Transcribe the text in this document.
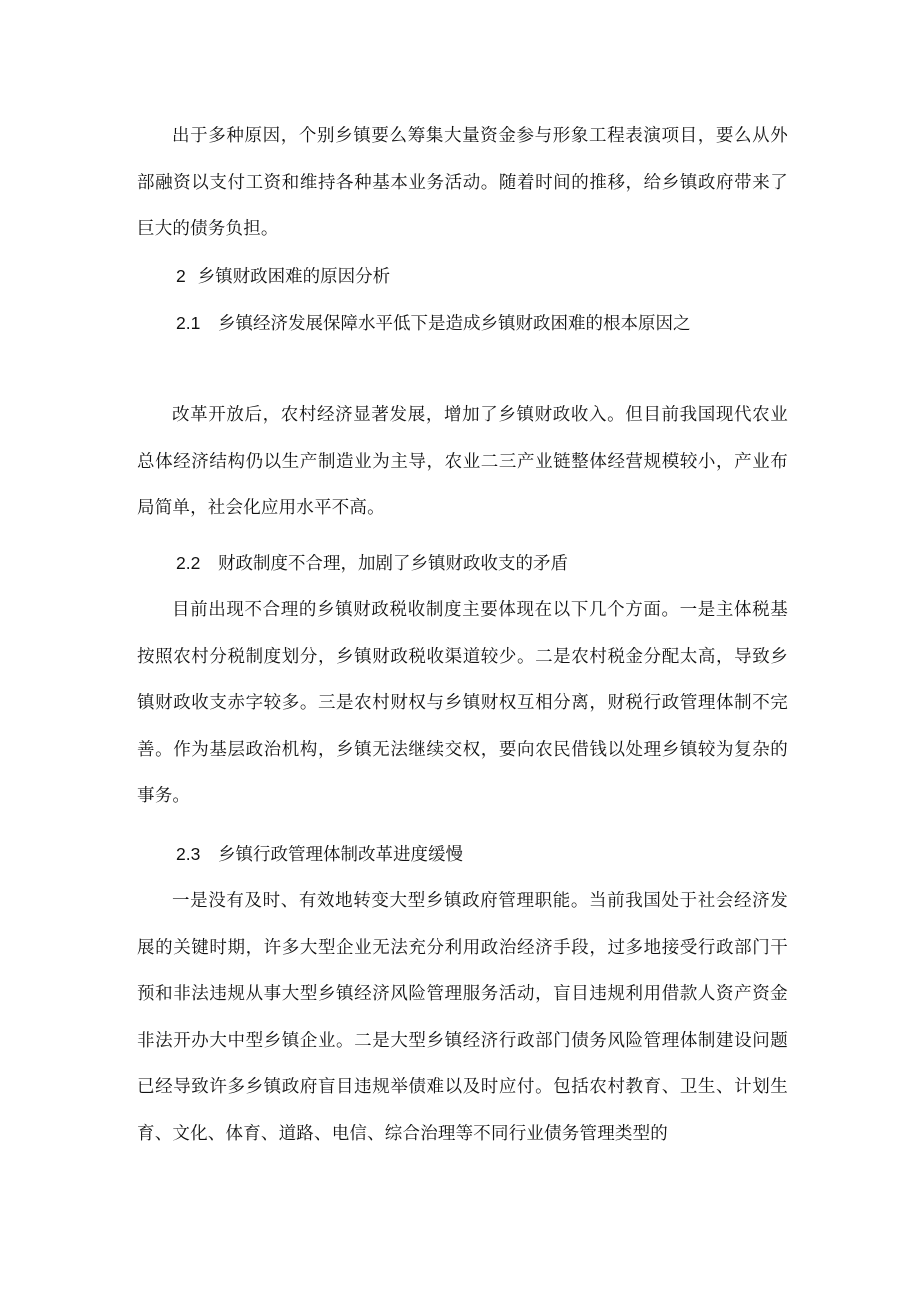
出于多种原因，个别乡镇要么筹集大量资金参与形象工程表演项目，要么从外部融资以支付工资和维持各种基本业务活动。随着时间的推移，给乡镇政府带来了巨大的债务负担。

2 乡镇财政困难的原因分析

2.1 乡镇经济发展保障水平低下是造成乡镇财政困难的根本原因之

改革开放后，农村经济显著发展，增加了乡镇财政收入。但目前我国现代农业总体经济结构仍以生产制造业为主导，农业二三产业链整体经营规模较小，产业布局简单，社会化应用水平不高。

2.2 财政制度不合理，加剧了乡镇财政收支的矛盾

目前出现不合理的乡镇财政税收制度主要体现在以下几个方面。一是主体税基按照农村分税制度划分，乡镇财政税收渠道较少。二是农村税金分配太高，导致乡镇财政收支赤字较多。三是农村财权与乡镇财权互相分离，财税行政管理体制不完善。作为基层政治机构，乡镇无法继续交权，要向农民借钱以处理乡镇较为复杂的事务。

2.3 乡镇行政管理体制改革进度缓慢

一是没有及时、有效地转变大型乡镇政府管理职能。当前我国处于社会经济发展的关键时期，许多大型企业无法充分利用政治经济手段，过多地接受行政部门干预和非法违规从事大型乡镇经济风险管理服务活动，盲目违规利用借款人资产资金非法开办大中型乡镇企业。二是大型乡镇经济行政部门债务风险管理体制建设问题已经导致许多乡镇政府盲目违规举债难以及时应付。包括农村教育、卫生、计划生育、文化、体育、道路、电信、综合治理等不同行业债务管理类型的
